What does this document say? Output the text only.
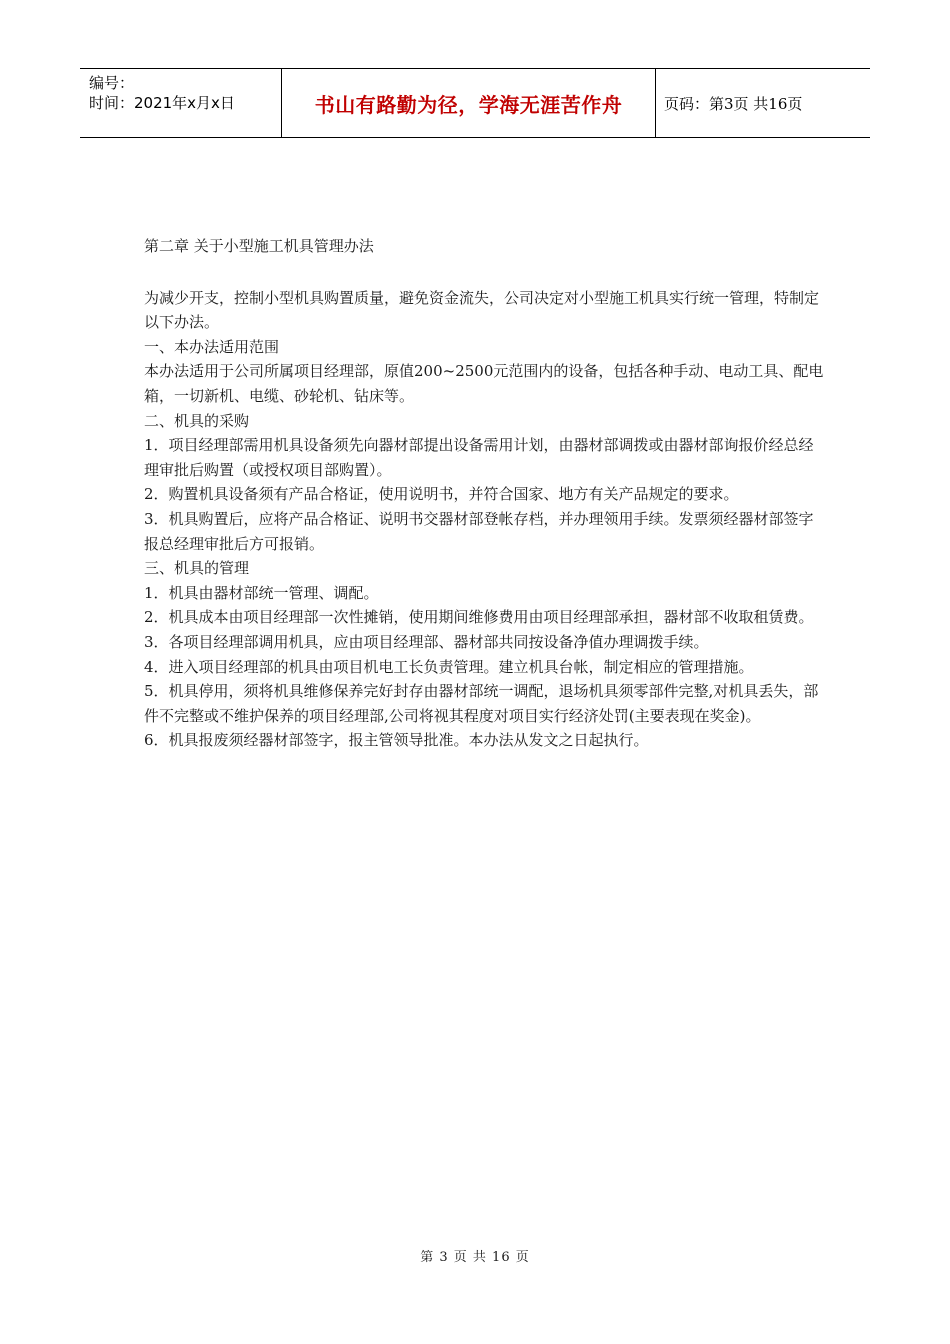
编号：
时间：2021年x月x日	书山有路勤为径，学海无涯苦作舟	页码：第3页 共16页

第二章 关于小型施工机具管理办法

为减少开支，控制小型机具购置质量，避免资金流失，公司决定对小型施工机具实行统一管理，特制定以下办法。

一、本办法适用范围

本办法适用于公司所属项目经理部，原值200~2500元范围内的设备，包括各种手动、电动工具、配电箱，一切新机、电缆、砂轮机、钻床等。

二、机具的采购

1．项目经理部需用机具设备须先向器材部提出设备需用计划，由器材部调拨或由器材部询报价经总经理审批后购置（或授权项目部购置）。

2．购置机具设备须有产品合格证，使用说明书，并符合国家、地方有关产品规定的要求。

3．机具购置后，应将产品合格证、说明书交器材部登帐存档，并办理领用手续。发票须经器材部签字报总经理审批后方可报销。

三、机具的管理

1．机具由器材部统一管理、调配。

2．机具成本由项目经理部一次性摊销，使用期间维修费用由项目经理部承担，器材部不收取租赁费。

3．各项目经理部调用机具，应由项目经理部、器材部共同按设备净值办理调拨手续。

4．进入项目经理部的机具由项目机电工长负责管理。建立机具台帐，制定相应的管理措施。

5．机具停用，须将机具维修保养完好封存由器材部统一调配，退场机具须零部件完整,对机具丢失，部件不完整或不维护保养的项目经理部,公司将视其程度对项目实行经济处罚(主要表现在奖金)。

6．机具报废须经器材部签字，报主管领导批准。本办法从发文之日起执行。

第 3 页 共 16 页
